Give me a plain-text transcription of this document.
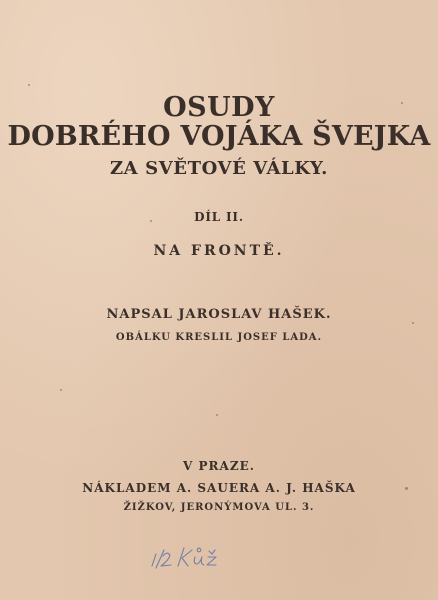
OSUDY
DOBRÉHO VOJÁKA ŠVEJKA
ZA SVĚTOVÉ VÁLKY.
DÍL II.
NA FRONTĚ.
NAPSAL JAROSLAV HAŠEK.
OBÁLKU KRESLIL JOSEF LADA.
V PRAZE.
NÁKLADEM A. SAUERA A. J. HAŠKA
ŽIŽKOV, JERONÝMOVA UL. 3.
